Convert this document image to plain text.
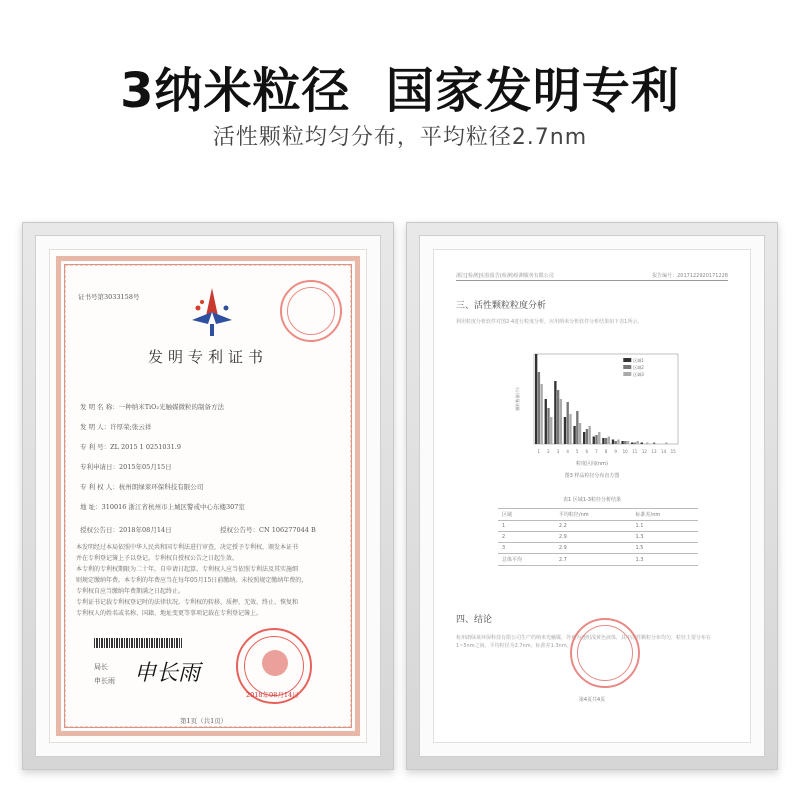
3纳米粒径  国家发明专利
活性颗粒均匀分布，平均粒径2.7nm
证书号第3033158号
发明专利证书
发 明 名 称：一种纳米TiO₂光触媒微粒的制备方法
发 明 人：许厚荣;张云祥
专 利 号：ZL 2015 1 0251031.9
专利申请日：2015年05月15日
专 利 权 人：杭州朗绿莱环保科技有限公司
地 址：310016 浙江省杭州市上城区警戒中心东楼307室
授权公告日：2018年08月14日	授权公告号：CN 106277044 B
本发明经过本局依照中华人民共和国专利法进行审查，决定授予专利权，颁发本证书
并在专利登记簿上予以登记。专利权自授权公告之日起生效。
本专利的专利权期限为二十年，自申请日起算。专利权人应当依照专利法及其实施细
则规定缴纳年费。本专利的年费应当在每年05月15日前缴纳。未按照规定缴纳年费的，
专利权自应当缴纳年费期满之日起终止。
专利证书记载专利权登记时的法律状况。专利权的转移、质押、无效、终止、恢复和
专利权人的姓名或名称、国籍、地址变更等事项记载在专利登记簿上。
局长
申长雨 申长雨
2018年08月14日
第1页（共1页）
浙江[检测]实验报告(检测)检测服务有限公司	报告编号：2017122920171228
三、活性颗粒粒度分析
利用粒度分析软件对图2-4进行粒度分析，应用纳米分析软件分析结果如下表1所示。
1 2 3 4 5 6 7 8 9 10 11 12 13 14 15
颗粒数量(个)
区域1
区域2
区域3
粒度区间(nm)
图3 样品粒径分布直方图
表1 区域1-3粒径分析结果
区域	平均粒径/nm	标准差/nm
1	2.2	1.1
2	2.9	1.3
3	2.9	1.5
总体平均	2.7	1.3
四、结论
杭州朗绿莱环保科技有限公司生产的纳米光触媒，外观为透明浅黄色液体，其中活性颗粒分布均匀，粒径主要分布在1~5nm之间，平均粒径为2.7nm，标准差1.3nm。
第4页共4页
